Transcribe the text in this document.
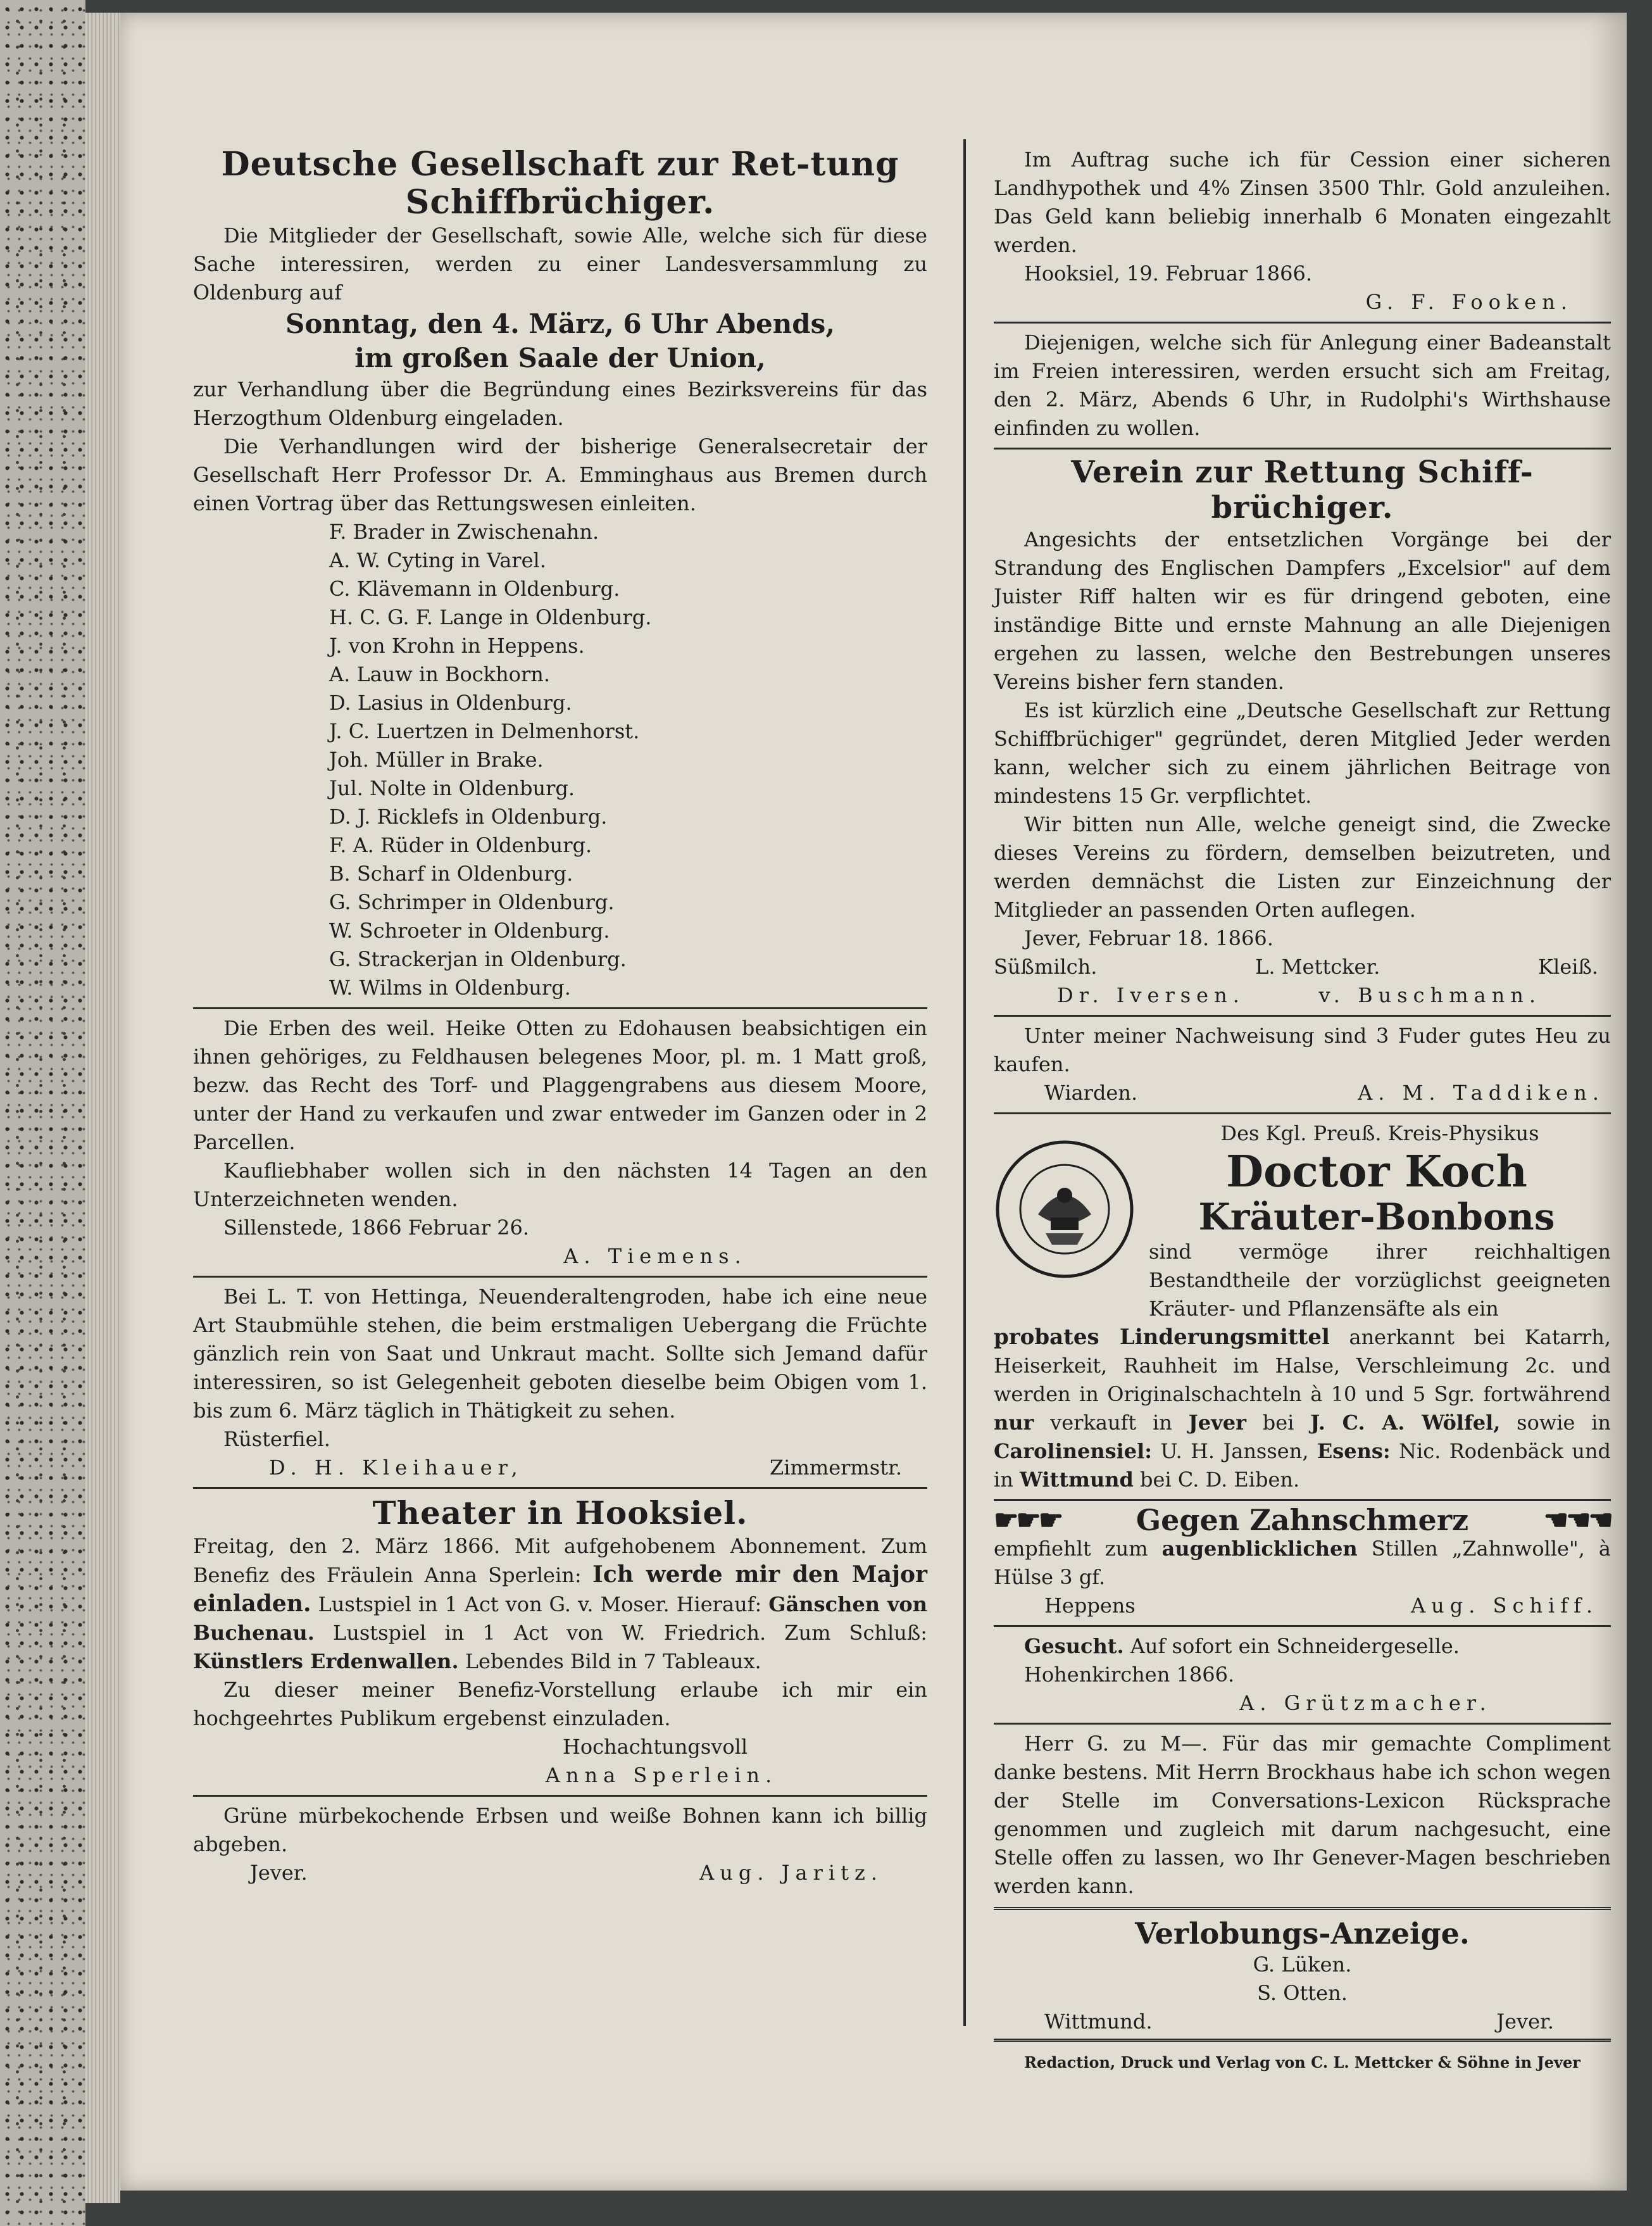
Deutsche Gesellschaft zur Ret-tung Schiffbrüchiger.

Die Mitglieder der Gesellschaft, sowie Alle, welche sich für diese Sache interessiren, werden zu einer Landesversammlung zu Oldenburg auf

Sonntag, den 4. März, 6 Uhr Abends,

im großen Saale der Union,

zur Verhandlung über die Begründung eines Bezirksvereins für das Herzogthum Oldenburg eingeladen.

Die Verhandlungen wird der bisherige Generalsecretair der Gesellschaft Herr Professor Dr. A. Emminghaus aus Bremen durch einen Vortrag über das Rettungswesen einleiten.

F. Brader in Zwischenahn.

A. W. Cyting in Varel.

C. Klävemann in Oldenburg.

H. C. G. F. Lange in Oldenburg.

J. von Krohn in Heppens.

A. Lauw in Bockhorn.

D. Lasius in Oldenburg.

J. C. Luertzen in Delmenhorst.

Joh. Müller in Brake.

Jul. Nolte in Oldenburg.

D. J. Ricklefs in Oldenburg.

F. A. Rüder in Oldenburg.

B. Scharf in Oldenburg.

G. Schrimper in Oldenburg.

W. Schroeter in Oldenburg.

G. Strackerjan in Oldenburg.

W. Wilms in Oldenburg.

Die Erben des weil. Heike Otten zu Edohausen beabsichtigen ein ihnen gehöriges, zu Feldhausen belegenes Moor, pl. m. 1 Matt groß, bezw. das Recht des Torf- und Plaggengrabens aus diesem Moore, unter der Hand zu verkaufen und zwar entweder im Ganzen oder in 2 Parcellen.

Kaufliebhaber wollen sich in den nächsten 14 Tagen an den Unterzeichneten wenden.

Sillenstede, 1866 Februar 26.

A. Tiemens.

Bei L. T. von Hettinga, Neuenderaltengroden, habe ich eine neue Art Staubmühle stehen, die beim erstmaligen Uebergang die Früchte gänzlich rein von Saat und Unkraut macht. Sollte sich Jemand dafür interessiren, so ist Gelegenheit geboten dieselbe beim Obigen vom 1. bis zum 6. März täglich in Thätigkeit zu sehen.

Rüsterfiel.

D. H. Kleihauer,	Zimmermstr.

Theater in Hooksiel.

Freitag, den 2. März 1866. Mit aufgehobenem Abonnement. Zum Benefiz des Fräulein Anna Sperlein: Ich werde mir den Major einladen. Lustspiel in 1 Act von G. v. Moser. Hierauf: Gänschen von Buchenau. Lustspiel in 1 Act von W. Friedrich. Zum Schluß: Künstlers Erdenwallen. Lebendes Bild in 7 Tableaux.

Zu dieser meiner Benefiz-Vorstellung erlaube ich mir ein hochgeehrtes Publikum ergebenst einzuladen.

Hochachtungsvoll

Anna Sperlein.

Grüne mürbekochende Erbsen und weiße Bohnen kann ich billig abgeben.

Jever.	Aug. Jaritz.

Im Auftrag suche ich für Cession einer sicheren Landhypothek und 4% Zinsen 3500 Thlr. Gold anzuleihen. Das Geld kann beliebig innerhalb 6 Monaten eingezahlt werden.

Hooksiel, 19. Februar 1866.

G. F. Fooken.

Diejenigen, welche sich für Anlegung einer Badeanstalt im Freien interessiren, werden ersucht sich am Freitag, den 2. März, Abends 6 Uhr, in Rudolphi's Wirthshause einfinden zu wollen.

Verein zur Rettung Schiff-brüchiger.

Angesichts der entsetzlichen Vorgänge bei der Strandung des Englischen Dampfers „Excelsior" auf dem Juister Riff halten wir es für dringend geboten, eine inständige Bitte und ernste Mahnung an alle Diejenigen ergehen zu lassen, welche den Bestrebungen unseres Vereins bisher fern standen.

Es ist kürzlich eine „Deutsche Gesellschaft zur Rettung Schiffbrüchiger" gegründet, deren Mitglied Jeder werden kann, welcher sich zu einem jährlichen Beitrage von mindestens 15 Gr. verpflichtet.

Wir bitten nun Alle, welche geneigt sind, die Zwecke dieses Vereins zu fördern, demselben beizutreten, und werden demnächst die Listen zur Einzeichnung der Mitglieder an passenden Orten auflegen.

Jever, Februar 18. 1866.

Süßmilch.	L. Mettcker.	Kleiß.
Dr. Iversen.	v. Buschmann.

Unter meiner Nachweisung sind 3 Fuder gutes Heu zu kaufen.

Wiarden.	A. M. Taddiken.

Des Kgl. Preuß. Kreis-Physikus

Doctor Koch

Kräuter-Bonbons

sind vermöge ihrer reichhaltigen Bestandtheile der vorzüglichst geeigneten Kräuter- und Pflanzensäfte als ein

probates Linderungsmittel anerkannt bei Katarrh, Heiserkeit, Rauhheit im Halse, Verschleimung 2c. und werden in Originalschachteln à 10 und 5 Sgr. fortwährend nur verkauft in Jever bei J. C. A. Wölfel, sowie in Carolinensiel: U. H. Janssen, Esens: Nic. Rodenbäck und in Wittmund bei C. D. Eiben.

☛☛☛	Gegen Zahnschmerz	☚☚☚

empfiehlt zum augenblicklichen Stillen „Zahnwolle", à Hülse 3 gf.

Heppens	Aug. Schiff.

Gesucht. Auf sofort ein Schneidergeselle.

Hohenkirchen 1866.

A. Grützmacher.

Herr G. zu M—. Für das mir gemachte Compliment danke bestens. Mit Herrn Brockhaus habe ich schon wegen der Stelle im Conversations-Lexicon Rücksprache genommen und zugleich mit darum nachgesucht, eine Stelle offen zu lassen, wo Ihr Genever-Magen beschrieben werden kann.

Verlobungs-Anzeige.

G. Lüken.

S. Otten.

Wittmund.	Jever.

Redaction, Druck und Verlag von C. L. Mettcker & Söhne in Jever
